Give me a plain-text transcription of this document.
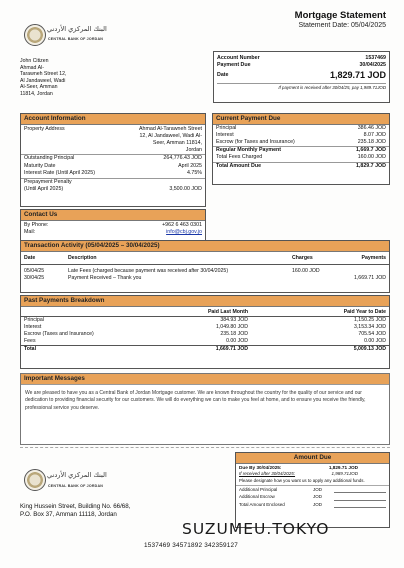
البنك المركزي الأردني
CENTRAL BANK OF JORDAN
Mortgage Statement
Statement Date: 05/04/2025
John Citizen
Ahmad Al-
Tarawneh Street 12,
Al Jandaweel, Wadi
Al-Seer, Amman
11814, Jordan
Account Number	1537469
Payment Due	30/04/2025
Date	1,829.71 JOD
If payment is received after 30/04/25, pay 1,989.71JOD
Account Information
Property Address	Ahmad Al-Tarawneh Street
12, Al Jandaweel, Wadi Al-
Seer, Amman 11814,
Jordan
Outstanding Principal	264,776.43 JOD
Maturity Date	April 2025
Interest Rate (Until April 2025)	4.75%
Prepayment Penalty
(Until April 2025)	3,500.00 JOD
Contact Us
By Phone:	+962 6 463 0301
Mail:	info@cbj.gov.jo
Current Payment Due
Principal	386.46 JOD
Interest	8.07 JOD
Escrow (for Taxes and Insurance)	235.18 JOD
Regular Monthly Payment	1,669.7 JOD
Total Fees Charged	160.00 JOD
Total Amount Due	1,829.7 JOD
Transaction Activity (05/04/2025 – 30/04/2025)
Date	Description	Charges	Payments

05/04/25	Late Fees (charged because payment was received after 30/04/2025)	160.00 JOD	
30/04/25	Payment Received – Thank you		1,669.71 JOD
Past Payments Breakdown
	Paid Last Month	Paid Year to Date
Principal	384.93 JOD	1,150.25 JOD
Interest	1,049.80 JOD	3,153.34 JOD
Escrow (Taxes and Insurance)	235.18 JOD	705.54 JOD
Fees	0.00 JOD	0.00 JOD
Total	1,669.71 JOD	5,009.13 JOD
Important Messages
We are pleased to have you as a Central Bank of Jordan Mortgage customer. We are known throughout the country for the quality of our service and our dedication to providing financial security for our customers. We will do everything we can to make you feel at home, and to ensure you receive the friendly, professional service you deserve.
البنك المركزي الأردني
CENTRAL BANK OF JORDAN
King Hussein Street, Building No. 66/68,
P.O. Box 37, Amman 11118, Jordan
1537469 34571892 342359127
Amount Due
Due By 30/04/2025:	1,829.71 JOD
If received after 30/04/2025:	1,989.71JOD
Please designate how you want us to apply any additional funds.
Additional Principal	JOD
Additional Escrow	JOD
Total Amount Enclosed	JOD
SUZUMEU.TOKYO
